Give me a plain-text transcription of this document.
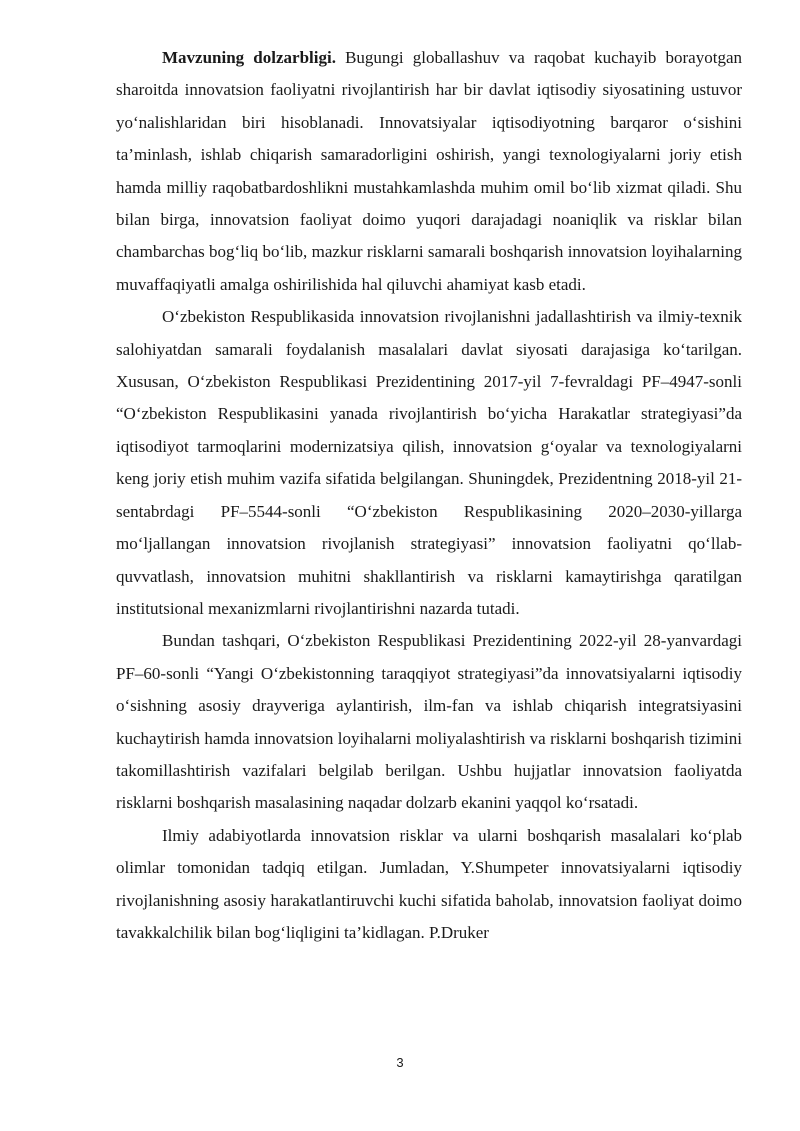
Mavzuning dolzarbligi. Bugungi globallashuv va raqobat kuchayib borayotgan sharoitda innovatsion faoliyatni rivojlantirish har bir davlat iqtisodiy siyosatining ustuvor yo‘nalishlaridan biri hisoblanadi. Innovatsiyalar iqtisodiyotning barqaror o‘sishini ta’minlash, ishlab chiqarish samaradorligini oshirish, yangi texnologiyalarni joriy etish hamda milliy raqobatbardoshlikni mustahkamlashda muhim omil bo‘lib xizmat qiladi. Shu bilan birga, innovatsion faoliyat doimo yuqori darajadagi noaniqlik va risklar bilan chambarchas bog‘liq bo‘lib, mazkur risklarni samarali boshqarish innovatsion loyihalarning muvaffaqiyatli amalga oshirilishida hal qiluvchi ahamiyat kasb etadi.

O‘zbekiston Respublikasida innovatsion rivojlanishni jadallashtirish va ilmiy-texnik salohiyatdan samarali foydalanish masalalari davlat siyosati darajasiga ko‘tarilgan. Xususan, O‘zbekiston Respublikasi Prezidentining 2017-yil 7-fevraldagi PF–4947-sonli “O‘zbekiston Respublikasini yanada rivojlantirish bo‘yicha Harakatlar strategiyasi”da iqtisodiyot tarmoqlarini modernizatsiya qilish, innovatsion g‘oyalar va texnologiyalarni keng joriy etish muhim vazifa sifatida belgilangan. Shuningdek, Prezidentning 2018-yil 21-sentabrdagi PF–5544-sonli “O‘zbekiston Respublikasining 2020–2030-yillarga mo‘ljallangan innovatsion rivojlanish strategiyasi” innovatsion faoliyatni qo‘llab-quvvatlash, innovatsion muhitni shakllantirish va risklarni kamaytirishga qaratilgan institutsional mexanizmlarni rivojlantirishni nazarda tutadi.

Bundan tashqari, O‘zbekiston Respublikasi Prezidentining 2022-yil 28-yanvardagi PF–60-sonli “Yangi O‘zbekistonning taraqqiyot strategiyasi”da innovatsiyalarni iqtisodiy o‘sishning asosiy drayveriga aylantirish, ilm-fan va ishlab chiqarish integratsiyasini kuchaytirish hamda innovatsion loyihalarni moliyalashtirish va risklarni boshqarish tizimini takomillashtirish vazifalari belgilab berilgan. Ushbu hujjatlar innovatsion faoliyatda risklarni boshqarish masalasining naqadar dolzarb ekanini yaqqol ko‘rsatadi.

Ilmiy adabiyotlarda innovatsion risklar va ularni boshqarish masalalari ko‘plab olimlar tomonidan tadqiq etilgan. Jumladan, Y.Shumpeter innovatsiyalarni iqtisodiy rivojlanishning asosiy harakatlantiruvchi kuchi sifatida baholab, innovatsion faoliyat doimo tavakkalchilik bilan bog‘liqligini ta’kidlagan. P.Druker

3
